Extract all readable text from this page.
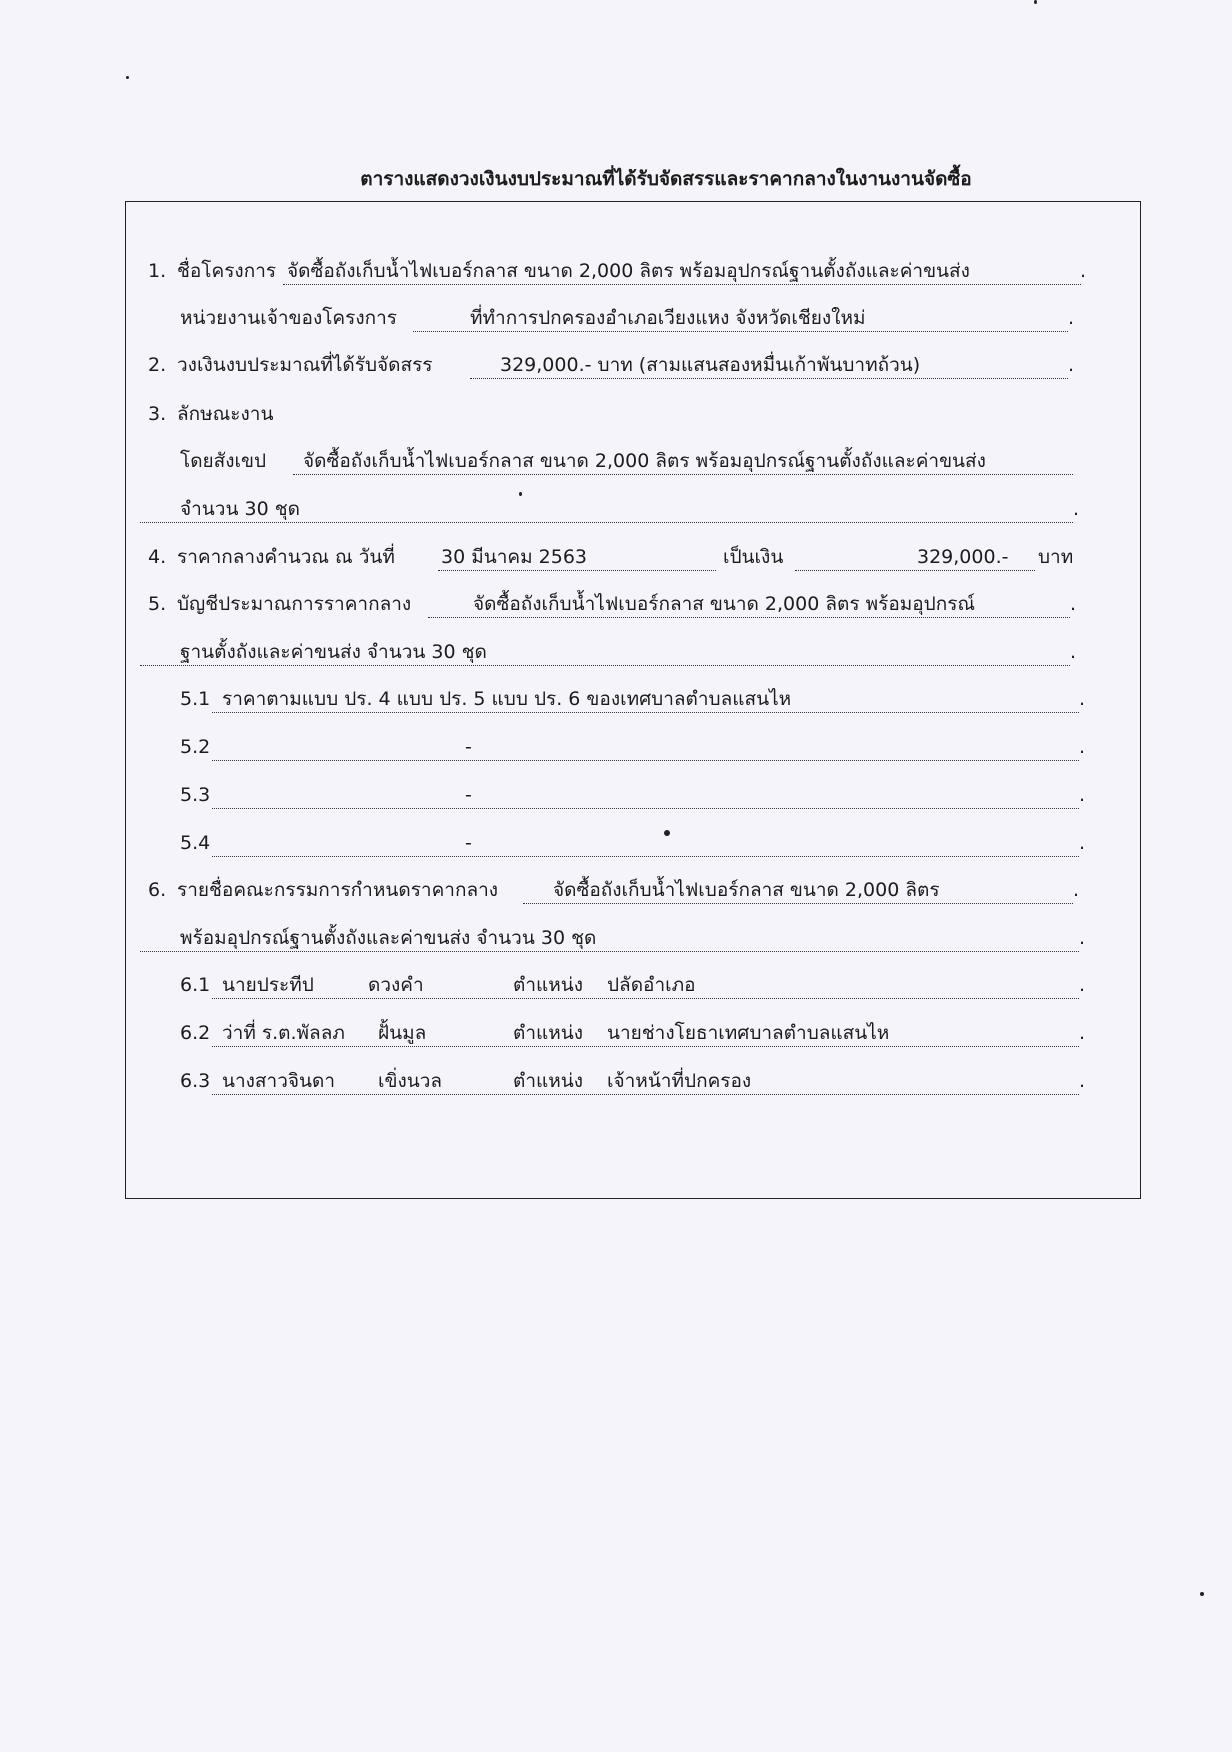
ตารางแสดงวงเงินงบประมาณที่ได้รับจัดสรรและราคากลางในงานงานจัดซื้อ
1. ชื่อโครงการ จัดซื้อถังเก็บน้ำไฟเบอร์กลาส ขนาด 2,000 ลิตร พร้อมอุปกรณ์ฐานตั้งถังและค่าขนส่ง	.
หน่วยงานเจ้าของโครงการ	ที่ทำการปกครองอำเภอเวียงแหง จังหวัดเชียงใหม่	.
2. วงเงินงบประมาณที่ได้รับจัดสรร	329,000.- บาท (สามแสนสองหมื่นเก้าพันบาทถ้วน)	.
3. ลักษณะงาน
โดยสังเขป จัดซื้อถังเก็บน้ำไฟเบอร์กลาส ขนาด 2,000 ลิตร พร้อมอุปกรณ์ฐานตั้งถังและค่าขนส่ง
จำนวน 30 ชุด	.
4. ราคากลางคำนวณ ณ วันที่ 30 มีนาคม 2563	เป็นเงิน	329,000.- บาท
5. บัญชีประมาณการราคากลาง	จัดซื้อถังเก็บน้ำไฟเบอร์กลาส ขนาด 2,000 ลิตร พร้อมอุปกรณ์	.
ฐานตั้งถังและค่าขนส่ง จำนวน 30 ชุด	.
5.1 ราคาตามแบบ ปร. 4 แบบ ปร. 5 แบบ ปร. 6 ของเทศบาลตำบลแสนไห	.
5.2	-	.
5.3	-	.
5.4	-	.
6. รายชื่อคณะกรรมการกำหนดราคากลาง	จัดซื้อถังเก็บน้ำไฟเบอร์กลาส ขนาด 2,000 ลิตร	.
พร้อมอุปกรณ์ฐานตั้งถังและค่าขนส่ง จำนวน 30 ชุด	.
6.1 นายประทีป	ดวงคำ	ตำแหน่ง ปลัดอำเภอ	.
6.2 ว่าที่ ร.ต.พัลลภ ฝั้นมูล	ตำแหน่ง นายช่างโยธาเทศบาลตำบลแสนไห	.
6.3 นางสาวจินดา เขิ่งนวล	ตำแหน่ง เจ้าหน้าที่ปกครอง	.
